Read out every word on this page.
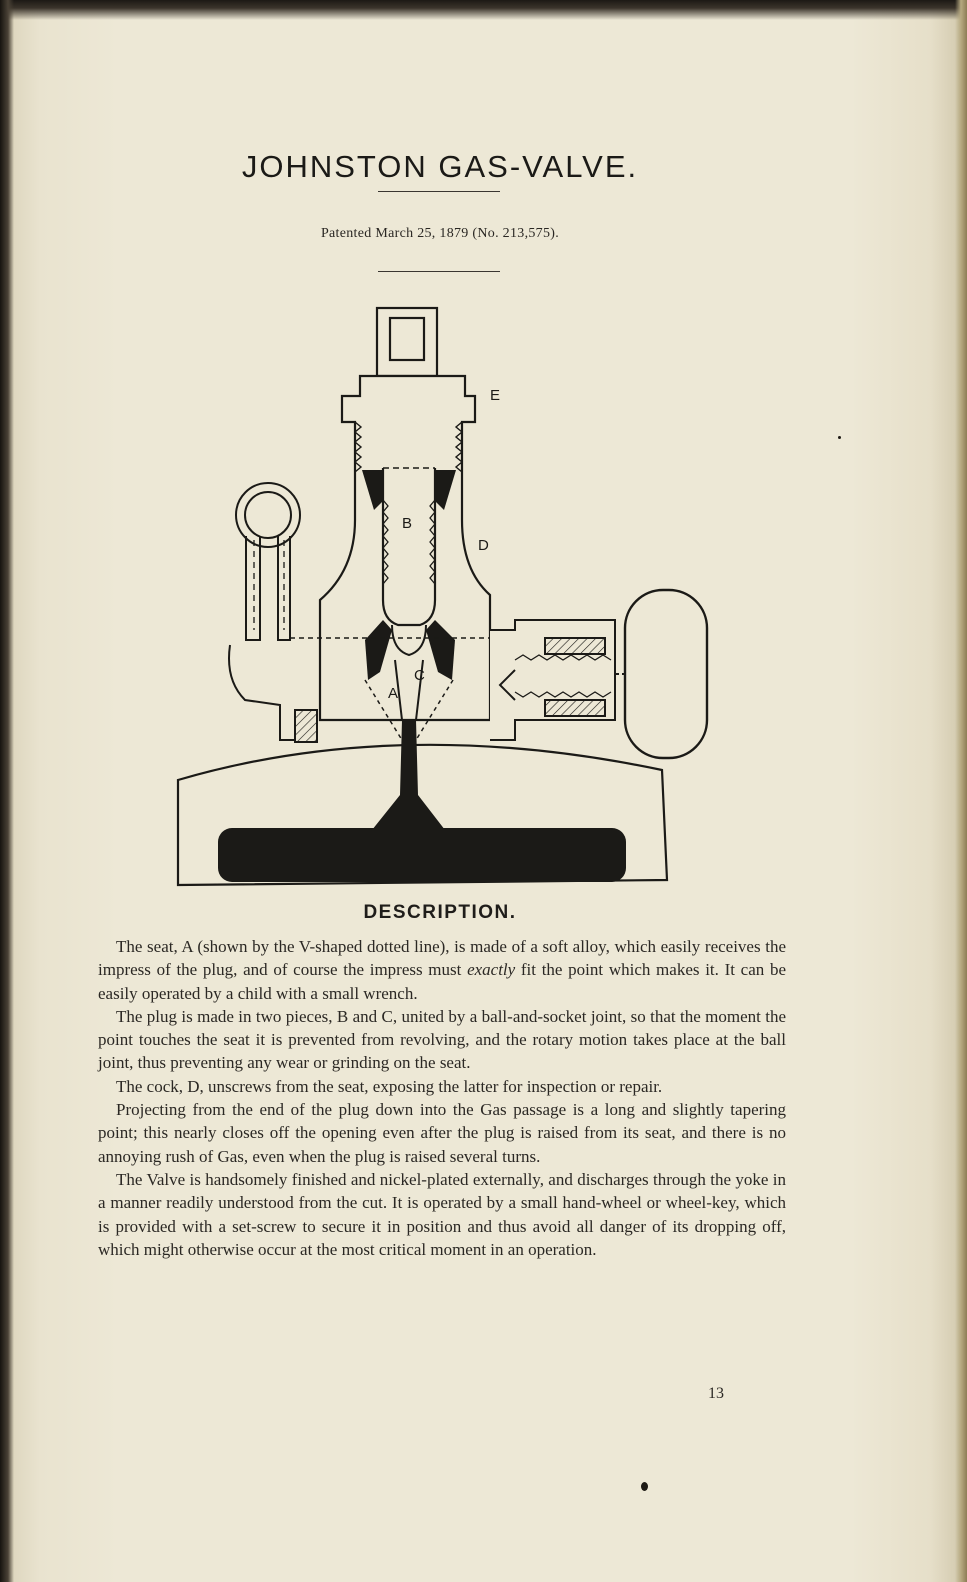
JOHNSTON GAS-VALVE.
Patented March 25, 1879 (No. 213,575).
E
B
D
C
A
DESCRIPTION.

The seat, A (shown by the V-shaped dotted line), is made of a soft alloy, which easily receives the impress of the plug, and of course the impress must exactly fit the point which makes it. It can be easily operated by a child with a small wrench.

The plug is made in two pieces, B and C, united by a ball-and-socket joint, so that the moment the point touches the seat it is prevented from revolving, and the rotary motion takes place at the ball joint, thus preventing any wear or grinding on the seat.

The cock, D, unscrews from the seat, exposing the latter for inspection or repair.

Projecting from the end of the plug down into the Gas passage is a long and slightly tapering point; this nearly closes off the opening even after the plug is raised from its seat, and there is no annoying rush of Gas, even when the plug is raised several turns.

The Valve is handsomely finished and nickel-plated externally, and discharges through the yoke in a manner readily understood from the cut. It is operated by a small hand-wheel or wheel-key, which is provided with a set-screw to secure it in position and thus avoid all danger of its dropping off, which might otherwise occur at the most critical moment in an operation.

13
